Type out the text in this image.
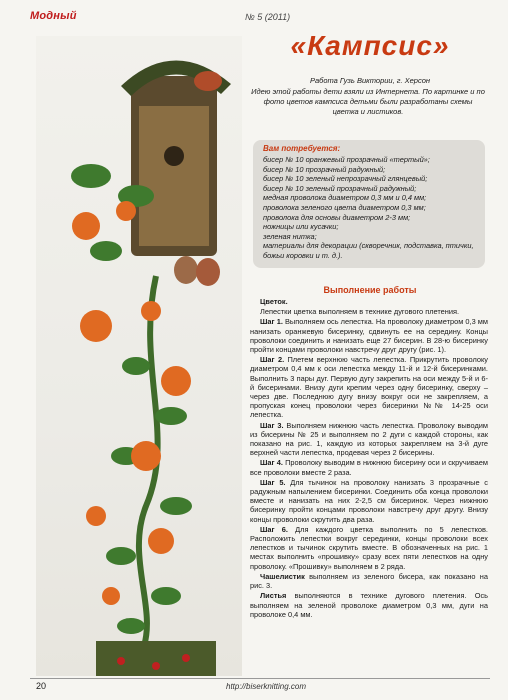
Модный	№ 5 (2011)
«Кампсис»
Работа Гузь Виктории, г. Херсон
Идею этой работы дети взяли из Интернета. По картинке и по фото цветов кампсиса детьми были разработаны схемы цветка и листиков.
Вам потребуется:
бисер № 10 оранжевый прозрачный «тертый»;
бисер № 10 прозрачный радужный;
бисер № 10 зеленый непрозрачный глянцевый;
бисер № 10 зеленый прозрачный радужный;
медная проволока диаметром 0,3 мм и 0,4 мм;
проволока зеленого цвета диаметром 0,3 мм;
проволока для основы диаметром 2-3 мм;
ножницы или кусачки;
зеленая нитка;
материалы для декорации (скворечник, подставка, птички, божьи коровки и т. д.).
Выполнение работы

Цветок.

Лепестки цветка выполняем в технике дугового плетения.

Шаг 1. Выполняем ось лепестка. На проволоку диаметром 0,3 мм нанизать оранжевую бисеринку, сдвинуть ее на середину. Концы проволоки соединить и нанизать еще 27 бисерин. В 28-ю бисеринку пройти концами проволоки навстречу друг другу (рис. 1).

Шаг 2. Плетем верхнюю часть лепестка. Прикрутить проволоку диаметром 0,4 мм к оси лепестка между 11-й и 12-й бисеринками. Выполнить 3 пары дуг. Первую дугу закрепить на оси между 5-й и 6-й бисеринами. Внизу дуги крепим через одну бисеринку, сверху – через две. Последнюю дугу внизу вокруг оси не закрепляем, а пропуская конец проволоки через бисеринки №№ 14-25 оси лепестка.

Шаг 3. Выполняем нижнюю часть лепестка. Проволоку выводим из бисерины № 25 и выполняем по 2 дуги с каждой стороны, как показано на рис. 1, каждую из которых закрепляем на 3-й дуге верхней части лепестка, продевая через 2 бисерины.

Шаг 4. Проволоку выводим в нижнюю бисерину оси и скручиваем все проволоки вместе 2 раза.

Шаг 5. Для тычинок на проволоку нанизать 3 прозрачные с радужным напылением бисеринки. Соединить оба конца проволоки вместе и нанизать на них 2-2,5 см бисеринок. Через нижнюю бисеринку пройти концами проволоки навстречу друг другу. Внизу концы проволоки скрутить два раза.

Шаг 6. Для каждого цветка выполнить по 5 лепестков. Расположить лепестки вокруг серединки, концы проволоки всех лепестков и тычинок скрутить вместе. В обозначенных на рис. 1 местах выполнить «прошивку» сразу всех пяти лепестков на одну проволоку. «Прошивку» выполняем в 2 ряда.

Чашелистик выполняем из зеленого бисера, как показано на рис. 3.

Листья выполняются в технике дугового плетения. Ось выполняем на зеленой проволоке диаметром 0,3 мм, дуги на проволоке 0,4 мм.

20	http://biserknitting.com
